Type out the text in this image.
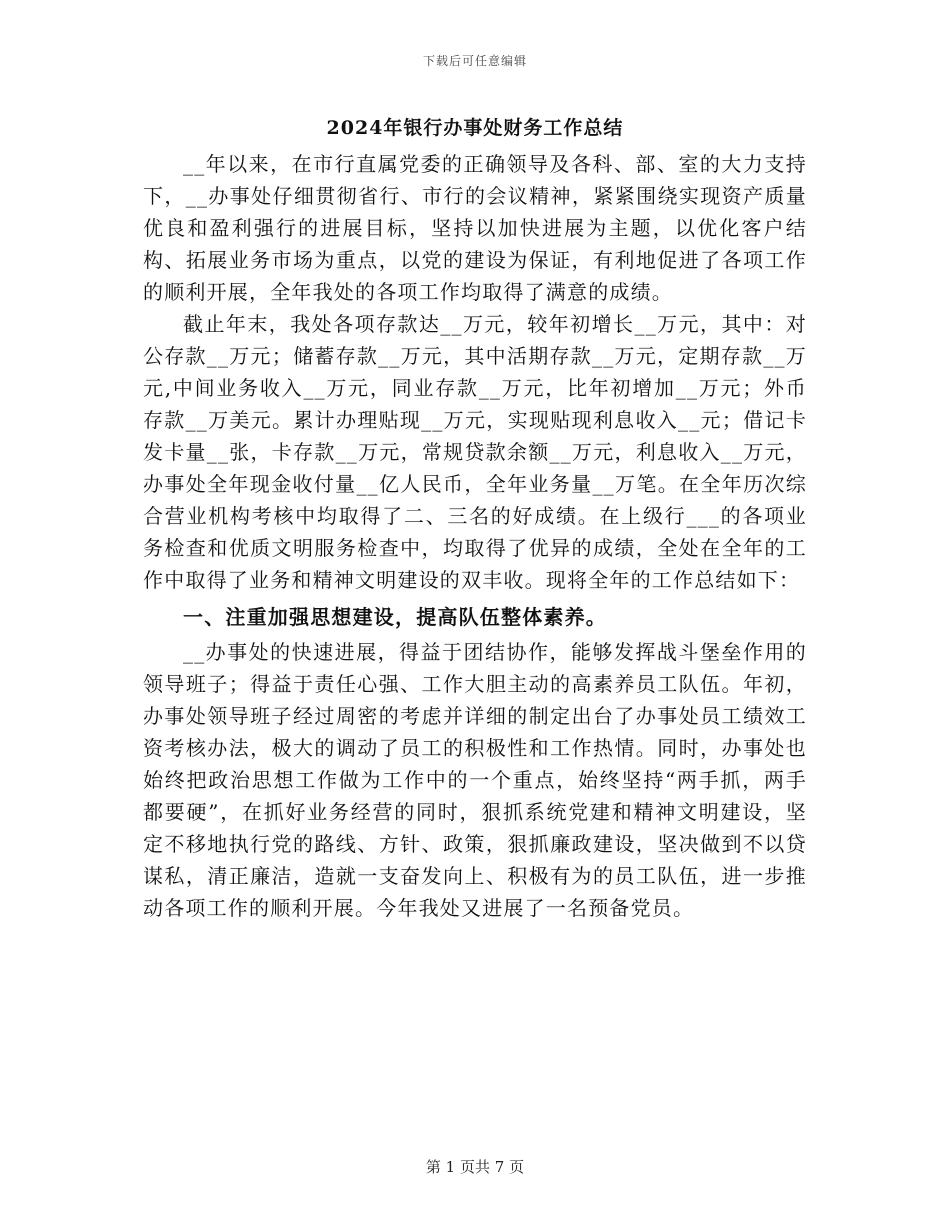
下载后可任意编辑
2024年银行办事处财务工作总结

__年以来，在市行直属党委的正确领导及各科、部、室的大力支持下，__办事处仔细贯彻省行、市行的会议精神，紧紧围绕实现资产质量优良和盈利强行的进展目标，坚持以加快进展为主题，以优化客户结构、拓展业务市场为重点，以党的建设为保证，有利地促进了各项工作的顺利开展，全年我处的各项工作均取得了满意的成绩。

截止年末，我处各项存款达__万元，较年初增长__万元，其中：对公存款__万元；储蓄存款__万元，其中活期存款__万元，定期存款__万元,中间业务收入__万元，同业存款__万元，比年初增加__万元；外币存款__万美元。累计办理贴现__万元，实现贴现利息收入__元；借记卡发卡量__张，卡存款__万元，常规贷款余额__万元，利息收入__万元，办事处全年现金收付量__亿人民币，全年业务量__万笔。在全年历次综合营业机构考核中均取得了二、三名的好成绩。在上级行___的各项业务检查和优质文明服务检查中，均取得了优异的成绩，全处在全年的工作中取得了业务和精神文明建设的双丰收。现将全年的工作总结如下：

一、注重加强思想建设，提高队伍整体素养。

__办事处的快速进展，得益于团结协作，能够发挥战斗堡垒作用的领导班子；得益于责任心强、工作大胆主动的高素养员工队伍。年初，办事处领导班子经过周密的考虑并详细的制定出台了办事处员工绩效工资考核办法，极大的调动了员工的积极性和工作热情。同时，办事处也始终把政治思想工作做为工作中的一个重点，始终坚持“两手抓，两手都要硬”，在抓好业务经营的同时，狠抓系统党建和精神文明建设，坚定不移地执行党的路线、方针、政策，狠抓廉政建设，坚决做到不以贷谋私，清正廉洁，造就一支奋发向上、积极有为的员工队伍，进一步推动各项工作的顺利开展。今年我处又进展了一名预备党员。

第 1 页共 7 页
